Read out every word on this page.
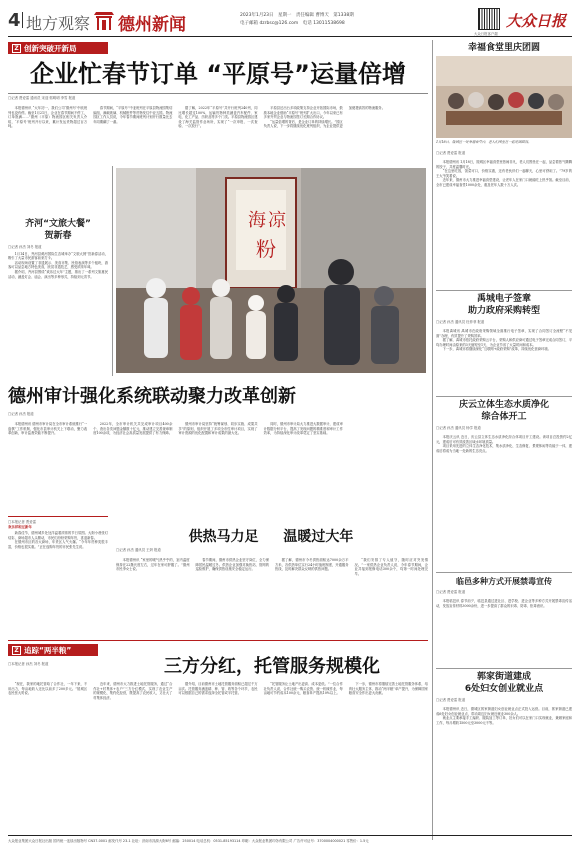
4 地方观察 德州新闻	2023年1月23日 星期一 责任编辑 曹博天 第1338期
电子邮箱 dzrbsc@126.com 电话 13011538698
大众日报客户端
大众日报
Z 创新突破开新局
企业忙春节订单 “平原号”运量倍增
□记者 贾爱雷 通讯员 宋迎 郭明明 李雪 报道

本报德州讯 “大年初一，我们公司‘德州号’中欧班列也没有停。截至1月21日，企业在春节期间不停工，订单饱满……”德州（平原）物流园区相关负责人介绍，‘平原号’班列开行以来，累计发运货物超过百万吨。

春节期间，“平原号”中亚班列在平原县物流园集结编组，满载玻璃、机械配件等货物发往中亚五国。物流园区工作人员说，今年春节期间班列计划开行数量比去年同期翻了一番。

据了解，2022年“平原号”共开行班列240列，同比增长超过100%，运输货物种类涵盖汽车配件、家电、化工产品、纺织品等多个门类。平原县物流园区建设了海关监管作业场所，实现了“一次申报、一次查验、一次放行”。

平原县还出台多项政策支持企业开拓国际市场，鼓励本地企业借助“平原号”班列扩大出口，今年以来已有多家外贸企业与物流园签订长期合作协议。

“运量倍增的背后，是企业订单的持续增长。”园区负责人说，下一步将继续优化班列组织，为企业提供更加便捷高效的物流服务。

齐河“文旅大餐”
贺新春
□记者 孙杰 刘冬 报道

1月14日，齐河县黄河国际生态城举办“文旅大餐”贺新春活动，吸引了大量市民游客前来打卡。

活动现场设置了非遗展示、美食市集、民俗表演等多个板块，游客可以品尝地方特色美食，欣赏非遗技艺，感受浓浓年味。

据介绍，齐河县围绕“欢乐过大年”主题，推出了一系列文旅惠民活动，涵盖灯会、庙会、演出等多种形式，持续到元宵节。

海 凉
粉
德州审计强化系统联动聚力改革创新
□记者 孙杰 报道

本报德州讯 德州市审计局在全市审计系统推行“一盘棋”工作机制，强化市县审计机关上下联动，聚力改革创新，审计监督效能不断提升。

2022年，全市审计机关共完成审计项目400余个，查出各类问题金额数十亿元，推动建立完善规章制度100余项，为经济社会高质量发展提供了有力保障。

德州市审计局坚持“统筹谋划、同步实施、成果共享”的原则，组织开展了多项全市性审计项目，实现了审计资源的优化配置和审计成果的最大化。

同时，德州市审计局大力推进大数据审计，建成审计数据分析平台，提高了发现问题的精准度和审计工作效率，为持续深化审计改革奠定了坚实基础。

□本报记者 贾爱雷
欢乐祥和过新年

新春佳节，德州城乡处处洋溢着浓浓的节日氛围。大街小巷张灯结彩，商场超市人头攒动，市民们纷纷采购年货，喜迎新春。

在德州市区的各大商场，年货区人气火爆。“今年年货种类很丰富，价格也很实惠。”正在选购年货的市民张先生说。

供热马力足 温暖过大年
□记者 孙杰 通讯员 王妍 报道

本报德州讯 “家里的暖气热乎乎的，室内温度保持在22摄氏度左右，过年在家可舒服了。”德州市民李女士说。

春节期间，德州市供热企业坚守岗位，全力保障居民温暖过冬。供热企业加强对换热站、管网的巡检维护，确保供热设施安全稳定运行。

据了解，德州市今冬供热面积达7000余万平方米，各供热单位实行24小时值班制度，开通服务热线，及时解决群众反映的供热问题。

“我们安排了专人值守，随时应对突发情况。”一家供热企业负责人说，今年春节期间，企业共接到报修电话300余个，均第一时间处理完毕。

幸福食堂里庆团圆
1月18日，陵城区一处幸福食堂内，老人们围坐在一起吃团圆饭。
□记者 贾爱雷 报道

本报德州讯 1月18日，陵城区幸福食堂里热闹非凡，老人们围坐在一起，品尝着热气腾腾的饺子，共度温馨时光。

“在这里吃饭，饭菜可口，价格实惠，还有老伙伴们一起聊天，心里可舒坦了。”79岁的王大爷笑着说。

近年来，德州市大力推进幸福食堂建设，让老年人在家门口就能吃上热乎饭。截至目前，全市已建成幸福食堂1000余处，惠及老年人数十万人次。

禹城电子签章
助力政府采购转型
□记者 孙杰 通讯员 杜菲菲 报道

本报禹城讯 禹城市在政府采购领域全面推行电子签章，实现了合同签订全流程“不见面”办理，有效提升了采购效率。

据了解，禹城市依托政府采购云平台，采购人和供应商可通过电子签章完成合同签订，平均办理时间由原来的3天缩短至1天，为企业节省了大量时间和成本。

下一步，禹城市将继续深化“互联网+政府采购”改革，持续优化营商环境。

庆云立体生态水质净化
综合体开工
□记者 孙杰 通讯员 杨学 报道

本报庆云讯 近日，庆云县立体生态水质净化综合体项目开工建设。该项目总投资约2亿元，建成后可有效改善区域水环境质量。

项目采用先进的立体生态净化技术，集水质净化、生态修复、景观休闲等功能于一体，建成后将成为当地一处新的生态亮点。

临邑多种方式开展禁毒宣传
□记者 贾爱雷 报道

本报临邑讯 春节前夕，临邑县通过进社区、进学校、进企业等多种方式开展禁毒宣传活动，发放宣传材料3000余份，进一步提高了群众的识毒、防毒、拒毒意识。

郭家街道建成
6处妇女创业就业点
□记者 贾爱雷 报道

本报德州讯 近日，德城区郭家街道妇女创业就业点正式投入运营。目前，郭家街道已建成6处妇女创业就业点，带动周边妇女就近就业300余人。

就业点主要承接手工编织、服装加工等订单，妇女们可以在家门口实现就业，兼顾家庭和工作，每月增收1500元至3000元不等。

Z 追踪“两半粮”
□本报记者 孙杰 刘冬 报道	三方分红，托管服务规模化

“现在，我家的地托管给了合作社，一年下来，不用出力，每亩地收入还比以前多了200多元。”陵城区农民张大哥说。

近年来，德州市大力推进土地托管服务，通过“合作社+村集体+农户”三方分红模式，实现了农业生产的规模化、集约化经营，既提高了农民收入，又壮大了村集体经济。

据介绍，目前德州市土地托管服务面积已超过千万亩次。托管服务涵盖耕、种、管、收等各个环节，农民可以根据自己的需求选择全托管或半托管。

“托管服务让土地产出更高、成本更低。”一位合作社负责人说，合作社统一购买农资、统一机械作业，每亩地可节约成本100余元，粮食单产提高10%以上。

下一步，德州市将继续完善土地托管服务体系，培育壮大服务主体，推动“两半粮”单产提升，为保障国家粮食安全作出更大贡献。

大众报业集团大众日报社出版 国内统一连续出版物号 CN37-0001 邮发代号 23-1 社址：济南市泺源大街6号 邮编：250014 电话总机：0531-85193114 印刷：大众报业集团印务有限公司 广告许可证号：3700004000021 零售价：1.5元
